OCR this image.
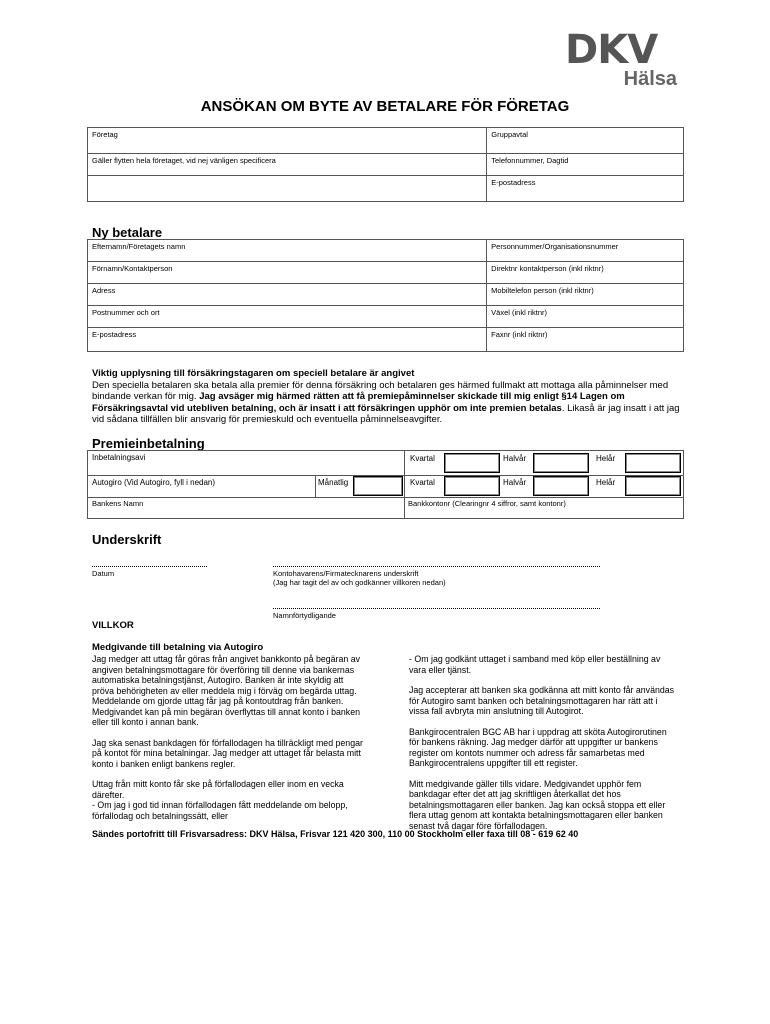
DKV
Hälsa
ANSÖKAN OM BYTE AV BETALARE FÖR FÖRETAG
Företag	Gruppavtal
Gäller flytten hela företaget, vid nej vänligen specificera	Telefonnummer, Dagtid
	E-postadress
Ny betalare
Efternamn/Företagets namn	Personnummer/Organisationsnummer
Förnamn/Kontaktperson	Direktnr kontaktperson (inkl riktnr)
Adress	Mobiltelefon person (inkl riktnr)
Postnummer och ort	Växel (inkl riktnr)
E-postadress	Faxnr (inkl riktnr)
Viktig upplysning till försäkringstagaren om speciell betalare är angivet
Den speciella betalaren ska betala alla premier för denna försäkring och betalaren ges härmed fullmakt att mottaga alla påminnelser med bindande verkan för mig. Jag avsäger mig härmed rätten att få premiepåminnelser skickade till mig enligt §14 Lagen om Försäkringsavtal vid utebliven betalning, och är insatt i att försäkringen upphör om inte premien betalas. Likaså är jag insatt i att jag vid sådana tillfällen blir ansvarig för premieskuld och eventuella påminnelseavgifter.
Premieinbetalning
Inbetalningsavi	Kvartal	Halvår	Helår
Autogiro (Vid Autogiro, fyll i nedan)	Månatlig	Kvartal	Halvår	Helår
Bankens Namn	Bankkontonr (Clearingnr 4 siffror, samt kontonr)
Underskrift
Datum	Kontohavarens/Firmatecknarens underskrift
(Jag har tagit del av och godkänner villkoren nedan)
Namnförtydligande
VILLKOR
Medgivande till betalning via Autogiro

Jag medger att uttag får göras från angivet bankkonto på begäran av angiven betalningsmottagare för överföring till denne via bankernas automatiska betalningstjänst, Autogiro. Banken är inte skyldig att pröva behörigheten av eller meddela mig i förväg om begärda uttag. Meddelande om gjorde uttag får jag på kontoutdrag från banken. Medgivandet kan på min begäran överflyttas till annat konto i banken eller till konto i annan bank.

Jag ska senast bankdagen för förfallodagen ha tillräckligt med pengar på kontot för mina betalningar. Jag medger att uttaget får belasta mitt konto i banken enligt bankens regler.

Uttag från mitt konto får ske på förfallodagen eller inom en vecka därefter.

- Om jag i god tid innan förfallodagen fått meddelande om belopp, förfallodag och betalningssätt, eller

- Om jag godkänt uttaget i samband med köp eller beställning av vara eller tjänst.

Jag accepterar att banken ska godkänna att mitt konto får användas för Autogiro samt banken och betalningsmottagaren har rätt att i vissa fall avbryta min anslutning till Autogirot.

Bankgirocentralen BGC AB har i uppdrag att sköta Autogirorutinen för bankens räkning. Jag medger därför att uppgifter ur bankens register om kontots nummer och adress får samarbetas med Bankgirocentralens uppgifter till ett register.

Mitt medgivande gäller tills vidare. Medgivandet upphör fem bankdagar efter det att jag skriftligen återkallat det hos betalningsmottagaren eller banken. Jag kan också stoppa ett eller flera uttag genom att kontakta betalningsmottagaren eller banken senast två dagar före förfallodagen.

Sändes portofritt till Frisvarsadress: DKV Hälsa, Frisvar 121 420 300, 110 00 Stockholm eller faxa till 08 - 619 62 40
